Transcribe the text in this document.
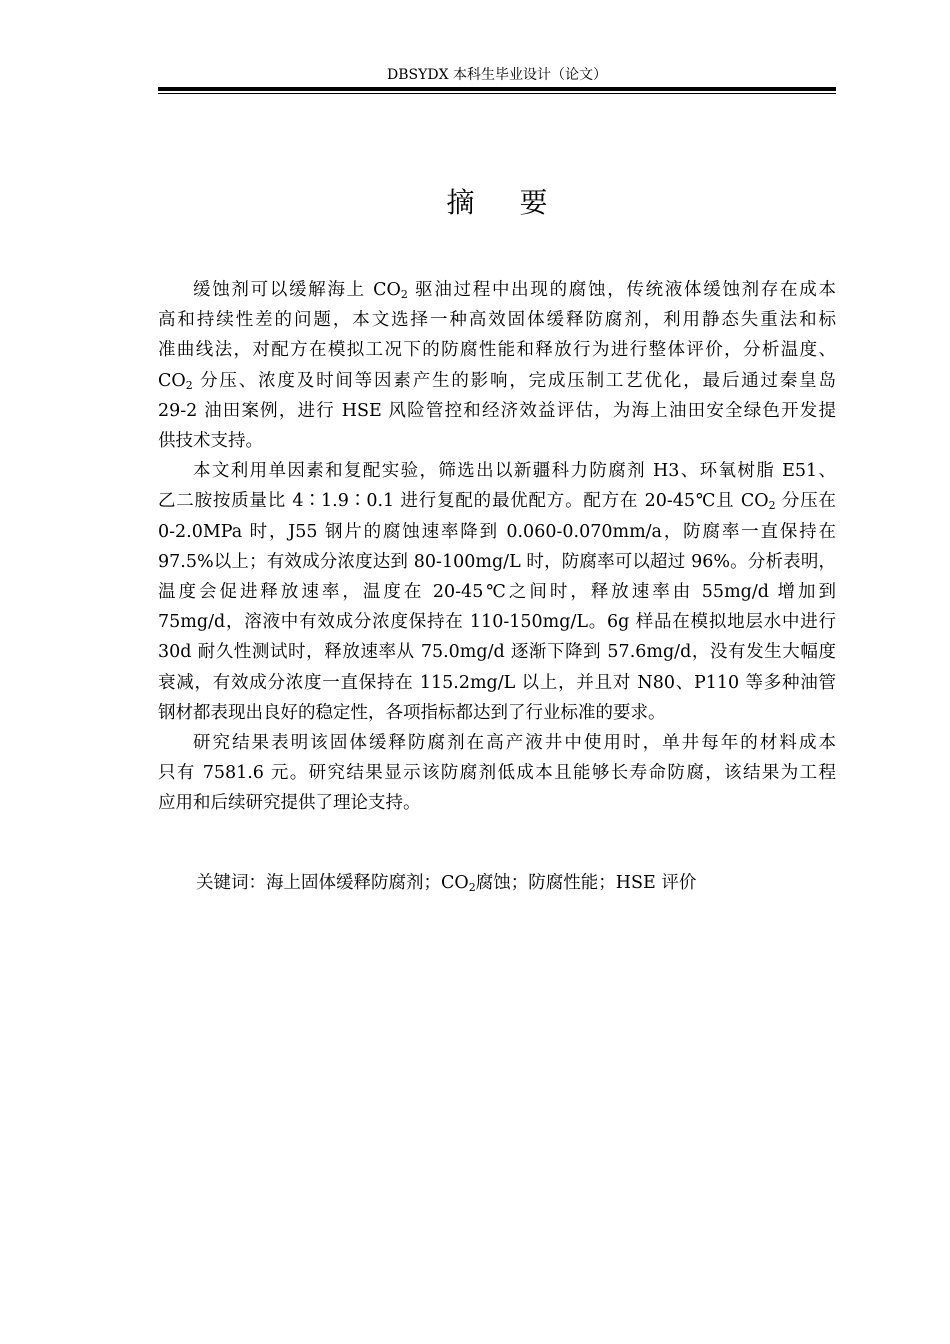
DBSYDX 本科生毕业设计（论文）
摘 要
缓蚀剂可以缓解海上 $CO_2$ 驱油过程中出现的腐蚀，传统液体缓蚀剂存在成本
高和持续性差的问题，本文选择一种高效固体缓释防腐剂，利用静态失重法和标
准曲线法，对配方在模拟工况下的防腐性能和释放行为进行整体评价，分析温度、
$CO_2$ 分压、浓度及时间等因素产生的影响，完成压制工艺优化，最后通过秦皇岛
29-2 油田案例，进行 HSE 风险管控和经济效益评估，为海上油田安全绿色开发提
供技术支持。
本文利用单因素和复配实验，筛选出以新疆科力防腐剂 H3、环氧树脂 E51、
乙二胺按质量比 4∶1.9∶0.1 进行复配的最优配方。配方在 20-45℃且 $CO_2$ 分压在
0-2.0MPa 时，J55 钢片的腐蚀速率降到 0.060-0.070mm/a，防腐率一直保持在
97.5%以上；有效成分浓度达到 80-100mg/L 时，防腐率可以超过 96%。分析表明，
温度会促进释放速率，温度在 20-45℃之间时，释放速率由 55mg/d 增加到
75mg/d，溶液中有效成分浓度保持在 110-150mg/L。6g 样品在模拟地层水中进行
30d 耐久性测试时，释放速率从 75.0mg/d 逐渐下降到 57.6mg/d，没有发生大幅度
衰减，有效成分浓度一直保持在 115.2mg/L 以上，并且对 N80、P110 等多种油管
钢材都表现出良好的稳定性，各项指标都达到了行业标准的要求。
研究结果表明该固体缓释防腐剂在高产液井中使用时，单井每年的材料成本
只有 7581.6 元。研究结果显示该防腐剂低成本且能够长寿命防腐，该结果为工程
应用和后续研究提供了理论支持。
关键词：海上固体缓释防腐剂；$CO_2$腐蚀；防腐性能；HSE 评价
